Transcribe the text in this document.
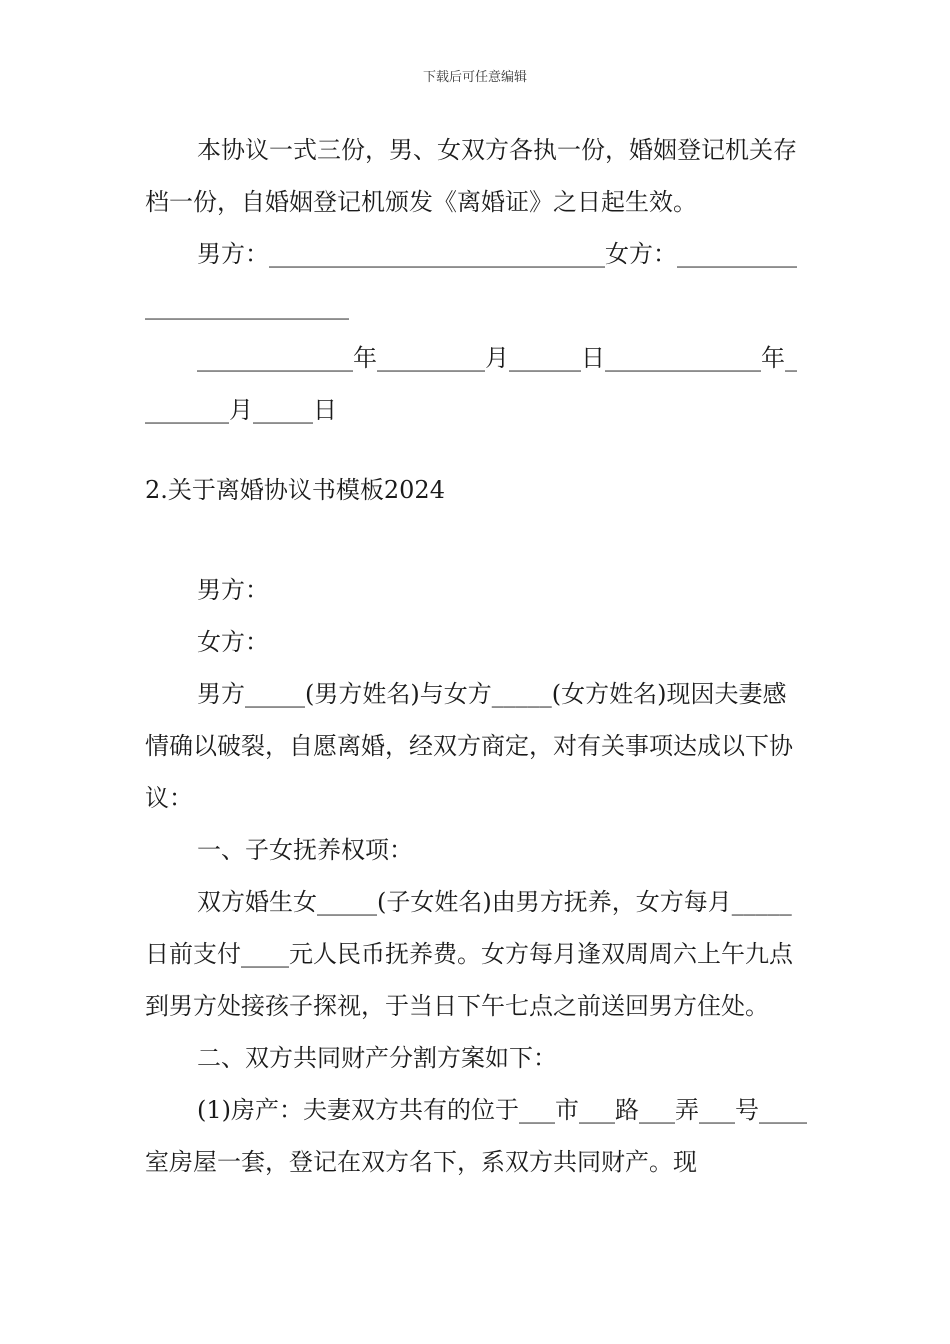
下载后可任意编辑

本协议一式三份，男、女双方各执一份，婚姻登记机关存档一份，自婚姻登记机颁发《离婚证》之日起生效。

男方：____________________________女方：___________________________

_____________年_________月______日_____________年________月_____日

2.关于离婚协议书模板2024

男方：

女方：

男方_____(男方姓名)与女方_____(女方姓名)现因夫妻感情确以破裂，自愿离婚，经双方商定，对有关事项达成以下协议：

一、子女抚养权项：

双方婚生女_____(子女姓名)由男方抚养，女方每月_____日前支付____元人民币抚养费。女方每月逢双周周六上午九点到男方处接孩子探视，于当日下午七点之前送回男方住处。

二、双方共同财产分割方案如下：

(1)房产：夫妻双方共有的位于___市___路___弄___号____室房屋一套，登记在双方名下，系双方共同财产。现
